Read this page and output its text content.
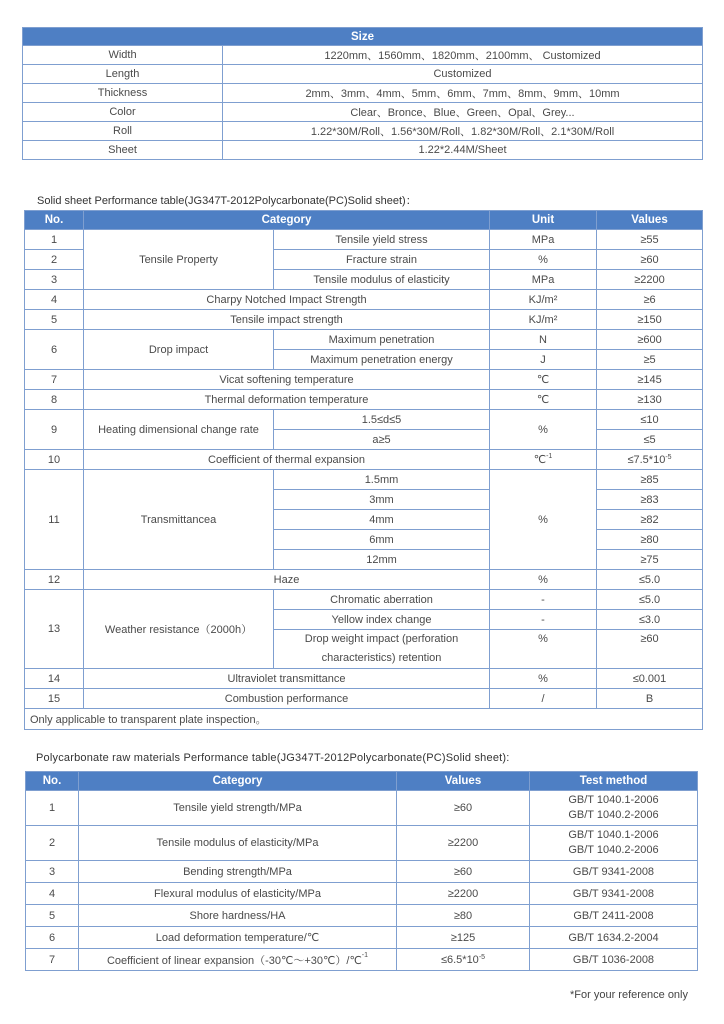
Size	
Width	1220mm、1560mm、1820mm、2100mm、 Customized
Length	Customized
Thickness	2mm、3mm、4mm、5mm、6mm、7mm、8mm、9mm、10mm
Color	Clear、Bronce、Blue、Green、Opal、Grey...
Roll	1.22*30M/Roll、1.56*30M/Roll、1.82*30M/Roll、2.1*30M/Roll
Sheet	1.22*2.44M/Sheet
Solid sheet Performance table(JG347T-2012Polycarbonate(PC)Solid sheet)：
No.	Category		Unit	Values
1	Tensile Property	Tensile yield stress	MPa	≥55
2		Fracture strain	%	≥60
3		Tensile modulus of elasticity	MPa	≥2200
4	Charpy Notched Impact Strength		KJ/m²	≥6
5	Tensile impact strength		KJ/m²	≥150
6	Drop impact	Maximum penetration	N	≥600
		Maximum penetration energy	J	≥5
7	Vicat softening temperature		℃	≥145
8	Thermal deformation temperature		℃	≥130
9	Heating dimensional change rate	1.5≤d≤5	%	≤10
		a≥5		≤5
10	Coefficient of thermal expansion		℃$^{-1}$	$\le 7.5*10^{-5}$
11	Transmittancea	1.5mm	%	≥85
		3mm		≥83
		4mm		≥82
		6mm		≥80
		12mm		≥75
12	Haze		%	≤5.0
13	Weather resistance（2000h）	Chromatic aberration	-	≤5.0
		Yellow index change	-	≤3.0
		Drop weight impact (perforation characteristics) retention	%	≥60
14	Ultraviolet transmittance		%	≤0.001
15	Combustion performance		/	B
Only applicable to transparent plate inspection。				
Polycarbonate raw materials Performance table(JG347T-2012Polycarbonate(PC)Solid sheet):
No.	Category	Values	Test method
1	Tensile yield strength/MPa	≥60	GB/T 1040.1-2006
GB/T 1040.2-2006

2	Tensile modulus of elasticity/MPa	≥2200	GB/T 1040.1-2006
GB/T 1040.2-2006

3	Bending strength/MPa	≥60	GB/T 9341-2008
4	Flexural modulus of elasticity/MPa	≥2200	GB/T 9341-2008
5	Shore hardness/HA	≥80	GB/T 2411-2008
6	Load deformation temperature/℃	≥125	GB/T 1634.2-2004
7	Coefficient of linear expansion（-30℃～+30℃）/℃$^{-1}$	$\le 6.5*10^{-5}$	GB/T 1036-2008
*For your reference only
